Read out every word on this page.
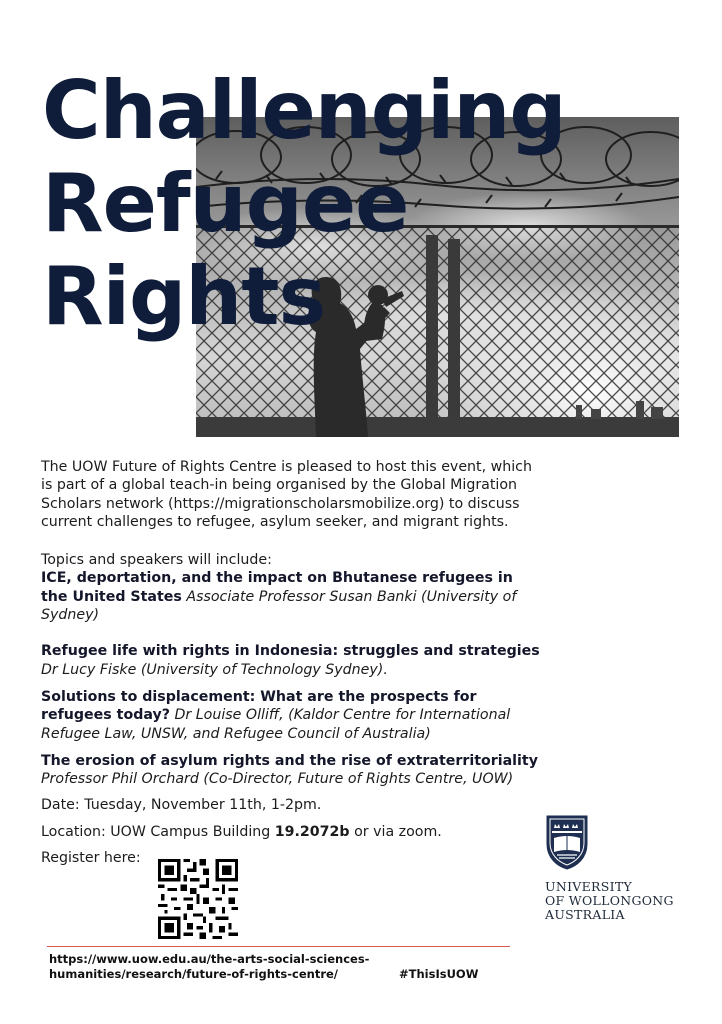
Challenging
Refugee
Rights

The UOW Future of Rights Centre is pleased to host this event, which is part of a global teach-in being organised by the Global Migration Scholars network (https://migrationscholarsmobilize.org) to discuss current challenges to refugee, asylum seeker, and migrant rights.

Topics and speakers will include:

ICE, deportation, and the impact on Bhutanese refugees in the United States Associate Professor Susan Banki (University of Sydney)

Refugee life with rights in Indonesia: struggles and strategies Dr Lucy Fiske (University of Technology Sydney).

Solutions to displacement: What are the prospects for refugees today? Dr Louise Olliff, (Kaldor Centre for International Refugee Law, UNSW, and Refugee Council of Australia)

The erosion of asylum rights and the rise of extraterritoriality
Professor Phil Orchard (Co-Director, Future of Rights Centre, UOW)

Date: Tuesday, November 11th, 1-2pm.

Location: UOW Campus Building 19.2072b or via zoom.

Register here:

UNIVERSITY
OF WOLLONGONG
AUSTRALIA
https://www.uow.edu.au/the-arts-social-sciences-humanities/research/future-of-rights-centre/	#ThisIsUOW
